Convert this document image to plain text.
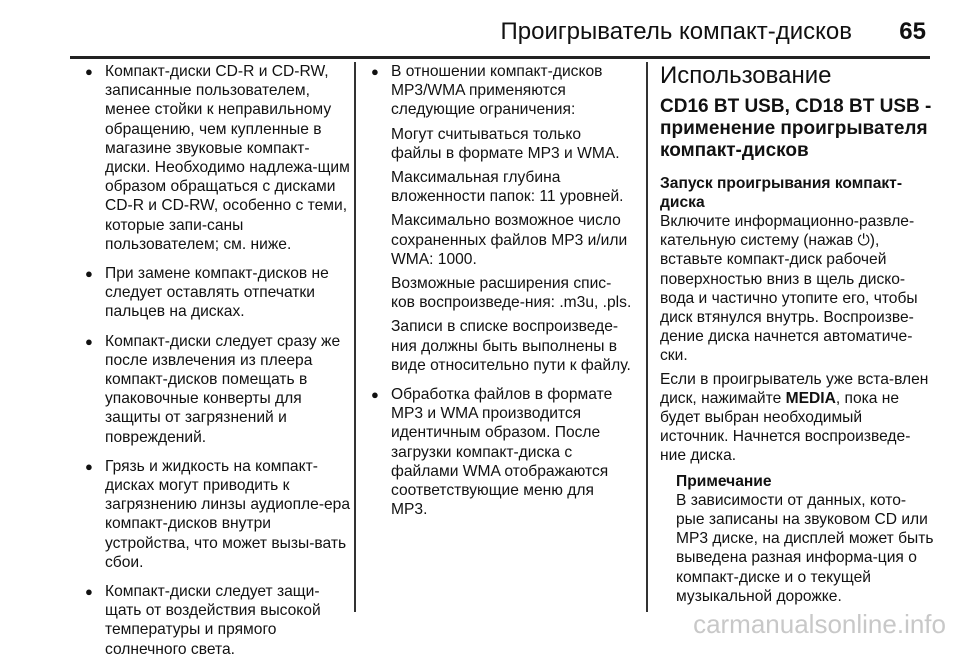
Проигрыватель компакт-дисков 65
● Компакт-диски CD-R и CD-RW, записанные пользователем, менее стойки к неправильному обращению, чем купленные в магазине звуковые компакт-диски. Необходимо надлежа-щим образом обращаться с дисками CD-R и CD-RW, особенно с теми, которые запи-саны пользователем; см. ниже.
● При замене компакт-дисков не следует оставлять отпечатки пальцев на дисках.
● Компакт-диски следует сразу же после извлечения из плеера компакт-дисков помещать в упаковочные конверты для защиты от загрязнений и повреждений.
● Грязь и жидкость на компакт-дисках могут приводить к загрязнению линзы аудиопле-ера компакт-дисков внутри устройства, что может вызы-вать сбои.
● Компакт-диски следует защи-щать от воздействия высокой температуры и прямого солнечного света.
● В отношении компакт-дисков MP3/WMA применяются следующие ограничения:
Могут считываться только файлы в формате MP3 и WMA.
Максимальная глубина вложенности папок: 11 уровней.
Максимально возможное число сохраненных файлов MP3 и/или WMA: 1000.
Возможные расширения спис-ков воспроизведе-ния: .m3u, .pls.
Записи в списке воспроизведе-ния должны быть выполнены в виде относительно пути к файлу.
● Обработка файлов в формате MP3 и WMA производится идентичным образом. После загрузки компакт-диска с файлами WMA отображаются соответствующие меню для MP3.
Использование
CD16 BT USB, CD18 BT USB - применение проигрывателя компакт-дисков
Запуск проигрывания компакт-диска
Включите информационно-развле-кательную систему (нажав ⏻), вставьте компакт-диск рабочей поверхностью вниз в щель диско-вода и частично утопите его, чтобы диск втянулся внутрь. Воспроизве-дение диска начнется автоматиче-ски.
Если в проигрыватель уже вста-влен диск, нажимайте MEDIA, пока не будет выбран необходимый источник. Начнется воспроизведе-ние диска.
Примечание
В зависимости от данных, кото-рые записаны на звуковом CD или MP3 диске, на дисплей может быть выведена разная информа-ция о компакт-диске и о текущей музыкальной дорожке.
carmanualsonline.info
